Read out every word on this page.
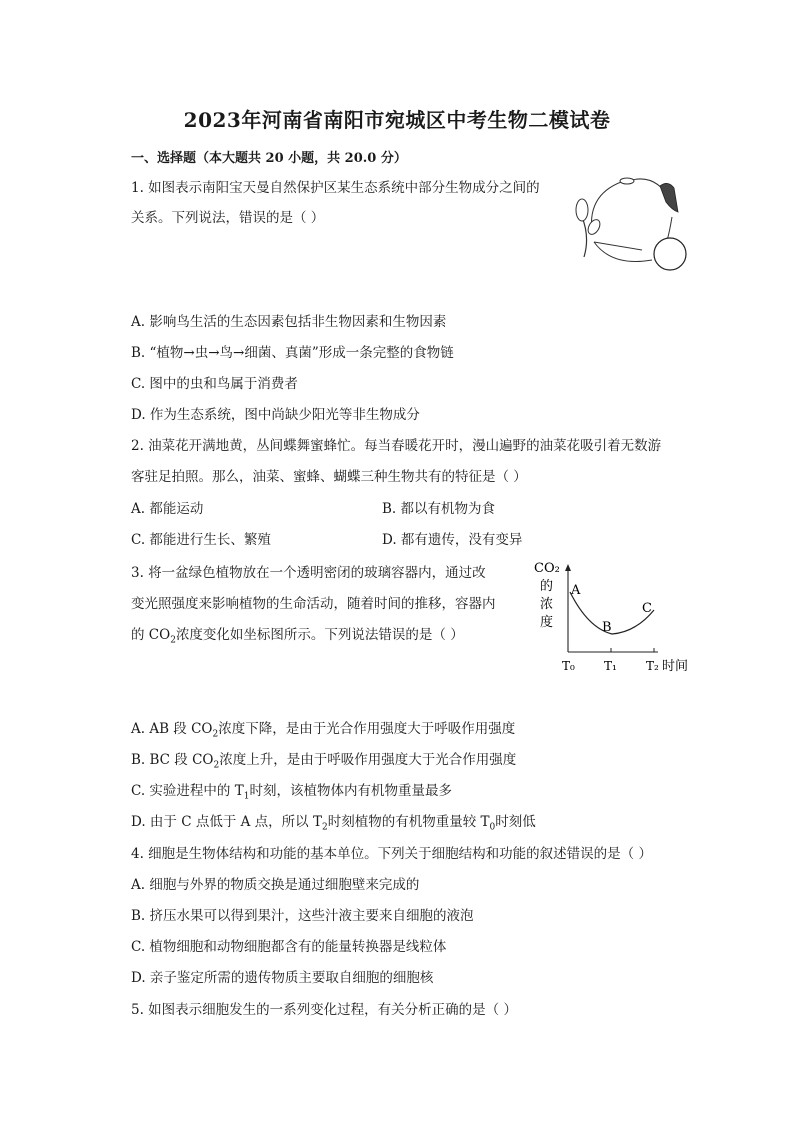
2023年河南省南阳市宛城区中考生物二模试卷
一、选择题（本大题共 20 小题，共 20.0 分）
1. 如图表示南阳宝天曼自然保护区某生态系统中部分生物成分之间的
关系。下列说法，错误的是（ ）
A. 影响鸟生活的生态因素包括非生物因素和生物因素
B. “植物→虫→鸟→细菌、真菌”形成一条完整的食物链
C. 图中的虫和鸟属于消费者
D. 作为生态系统，图中尚缺少阳光等非生物成分
2. 油菜花开满地黄，丛间蝶舞蜜蜂忙。每当春暖花开时，漫山遍野的油菜花吸引着无数游
客驻足拍照。那么，油菜、蜜蜂、蝴蝶三种生物共有的特征是（ ）
A. 都能运动	B. 都以有机物为食
C. 都能进行生长、繁殖	D. 都有遗传，没有变异
3. 将一盆绿色植物放在一个透明密闭的玻璃容器内，通过改
变光照强度来影响植物的生命活动，随着时间的推移，容器内
的 $CO_2$浓度变化如坐标图所示。下列说法错误的是（ ）
CO₂
的
浓
度
A
B
C
T₀ T₁ T₂ 时间
A. AB 段 $CO_2$浓度下降，是由于光合作用强度大于呼吸作用强度
B. BC 段 $CO_2$浓度上升，是由于呼吸作用强度大于光合作用强度
C. 实验进程中的 $T_1$时刻，该植物体内有机物重量最多
D. 由于 C 点低于 A 点，所以 $T_2$时刻植物的有机物重量较 $T_0$时刻低
4. 细胞是生物体结构和功能的基本单位。下列关于细胞结构和功能的叙述错误的是（ ）
A. 细胞与外界的物质交换是通过细胞壁来完成的
B. 挤压水果可以得到果汁，这些汁液主要来自细胞的液泡
C. 植物细胞和动物细胞都含有的能量转换器是线粒体
D. 亲子鉴定所需的遗传物质主要取自细胞的细胞核
5. 如图表示细胞发生的一系列变化过程，有关分析正确的是（ ）
